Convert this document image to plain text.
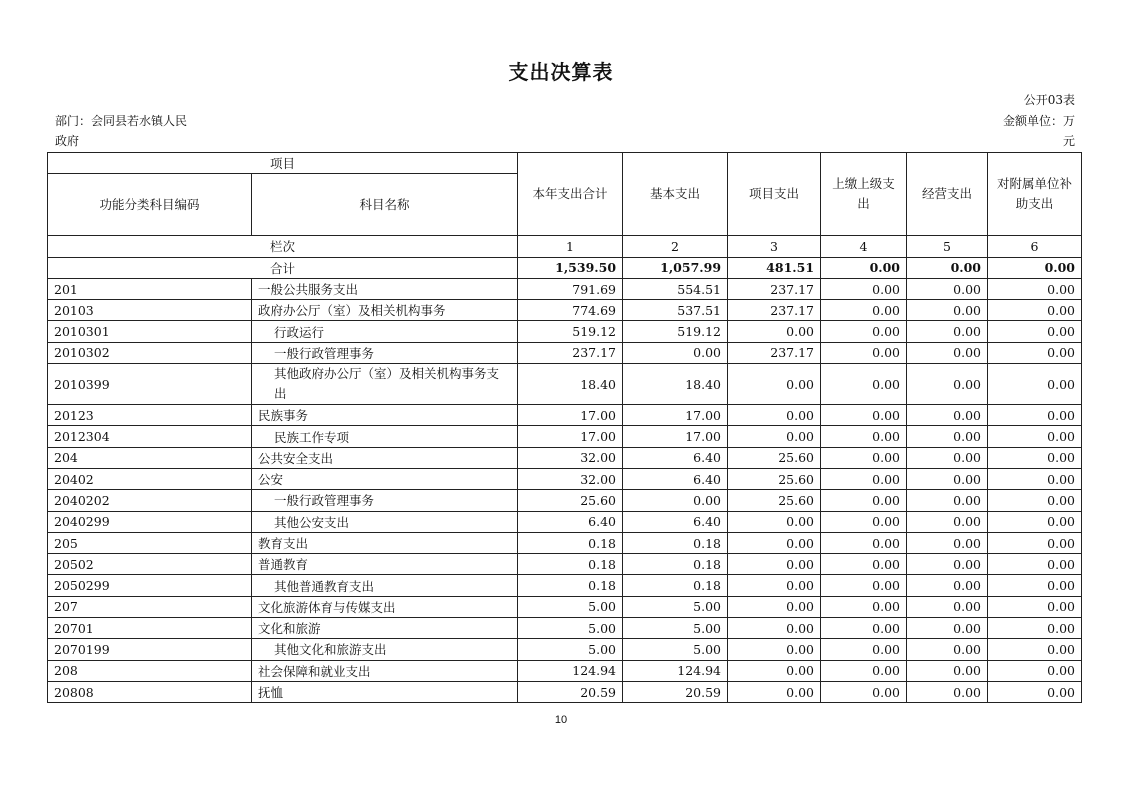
支出决算表
公开03表
部门：会同县若水镇人民
政府
金额单位：万
元
项目		本年支出合计	基本支出	项目支出	上缴上级支出	经营支出	对附属单位补助支出
功能分类科目编码	科目名称						
栏次		1	2	3	4	5	6
合计		1,539.50	1,057.99	481.51	0.00	0.00	0.00
201	一般公共服务支出	791.69	554.51	237.17	0.00	0.00	0.00
20103	政府办公厅（室）及相关机构事务	774.69	537.51	237.17	0.00	0.00	0.00
2010301	行政运行	519.12	519.12	0.00	0.00	0.00	0.00
2010302	一般行政管理事务	237.17	0.00	237.17	0.00	0.00	0.00
2010399	其他政府办公厅（室）及相关机构事务支出	18.40	18.40	0.00	0.00	0.00	0.00
20123	民族事务	17.00	17.00	0.00	0.00	0.00	0.00
2012304	民族工作专项	17.00	17.00	0.00	0.00	0.00	0.00
204	公共安全支出	32.00	6.40	25.60	0.00	0.00	0.00
20402	公安	32.00	6.40	25.60	0.00	0.00	0.00
2040202	一般行政管理事务	25.60	0.00	25.60	0.00	0.00	0.00
2040299	其他公安支出	6.40	6.40	0.00	0.00	0.00	0.00
205	教育支出	0.18	0.18	0.00	0.00	0.00	0.00
20502	普通教育	0.18	0.18	0.00	0.00	0.00	0.00
2050299	其他普通教育支出	0.18	0.18	0.00	0.00	0.00	0.00
207	文化旅游体育与传媒支出	5.00	5.00	0.00	0.00	0.00	0.00
20701	文化和旅游	5.00	5.00	0.00	0.00	0.00	0.00
2070199	其他文化和旅游支出	5.00	5.00	0.00	0.00	0.00	0.00
208	社会保障和就业支出	124.94	124.94	0.00	0.00	0.00	0.00
20808	抚恤	20.59	20.59	0.00	0.00	0.00	0.00
10
